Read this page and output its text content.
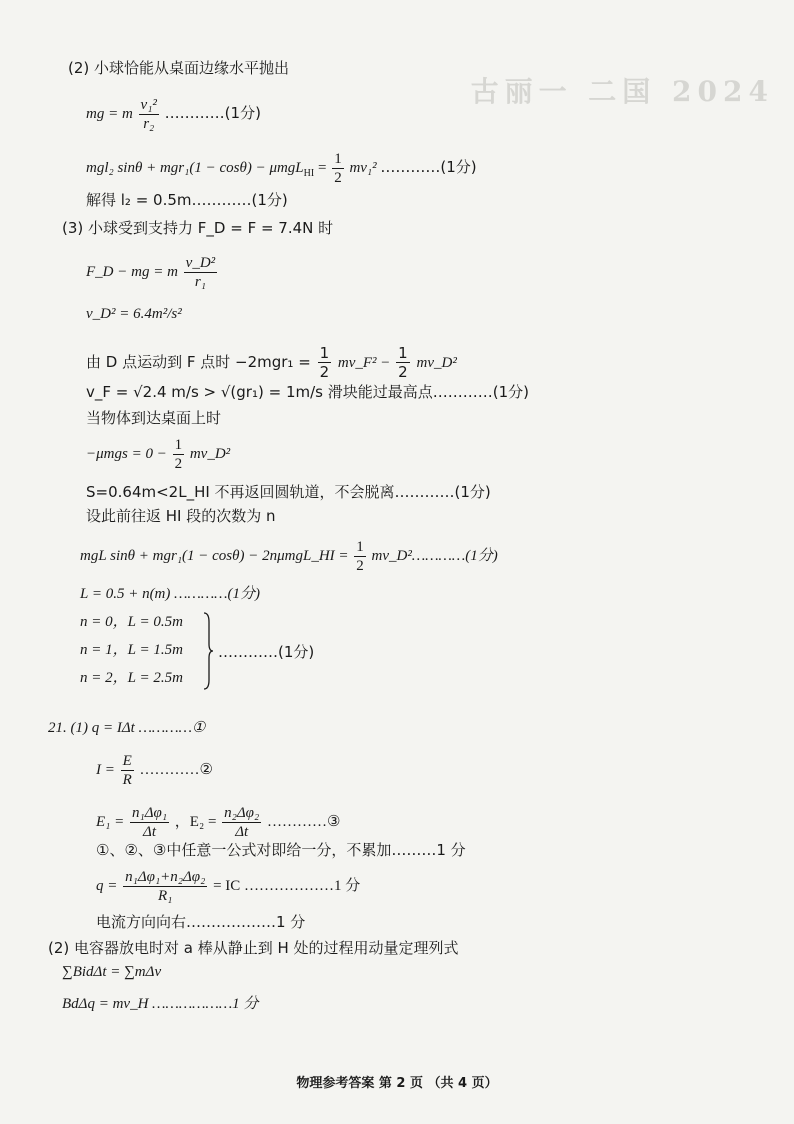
古丽一 二国 2024
(2) 小球恰能从桌面边缘水平抛出
mg = m $\frac{\text{v₁²}}{\text{r₂}}$ …………(1分)
mgl₂ $\sin\theta + mgr_1(1 - \cos\theta) - \mu mgL_{HI} = \frac{1}{2} mv_1^2$ …………(1分)
解得 l₂ = 0.5m…………(1分)
(3) 小球受到支持力 F_D = F = 7.4N 时
F_D − mg = m $\frac{\text{v\_D²}}{\text{r₁}}$
v_D² = 6.4m²/s²
由 D 点运动到 F 点时 $-2mgr_1 = \frac{1}{2}$ mv_F² − $\frac{1}{2}$ mv_D²
v_F = √2.4 m/s > √(gr₁) = 1m/s 滑块能过最高点…………(1分)
当物体到达桌面上时
$-\mu mgs = 0 - \frac{1}{2}$ mv_D²
S=0.64m<2L_HI 不再返回圆轨道，不会脱离…………(1分)
设此前往返 HI 段的次数为 n
mgL sinθ + mgr₁(1 − cosθ) − 2nμmgL_HI = $\frac{1}{2}$ mv_D²…………(1分)
L = 0.5 + n(m) …………(1分)
n = 0，L = 0.5m
n = 1，L = 1.5m
n = 2，L = 2.5m
…………(1分)
21. (1) q = IΔt …………①
$I = \frac{E}{R}$ …………②
$E_1 = \frac{\text{n₁Δφ₁}}{\Delta t}$ ，$E_2 = \frac{\text{n₂Δφ₂}}{\Delta t}$ …………③
①、②、③中任意一公式对即给一分，不累加………1 分
$q = \frac{\text{n₁Δφ₁+n₂Δφ₂}}{\text{R₁}}$ = IC ………………1 分
电流方向向右………………1 分
(2) 电容器放电时对 a 棒从静止到 H 处的过程用动量定理列式
∑BidΔt = ∑mΔv
BdΔq = mv_H ………………1 分
物理参考答案 第 2 页 （共 4 页）
